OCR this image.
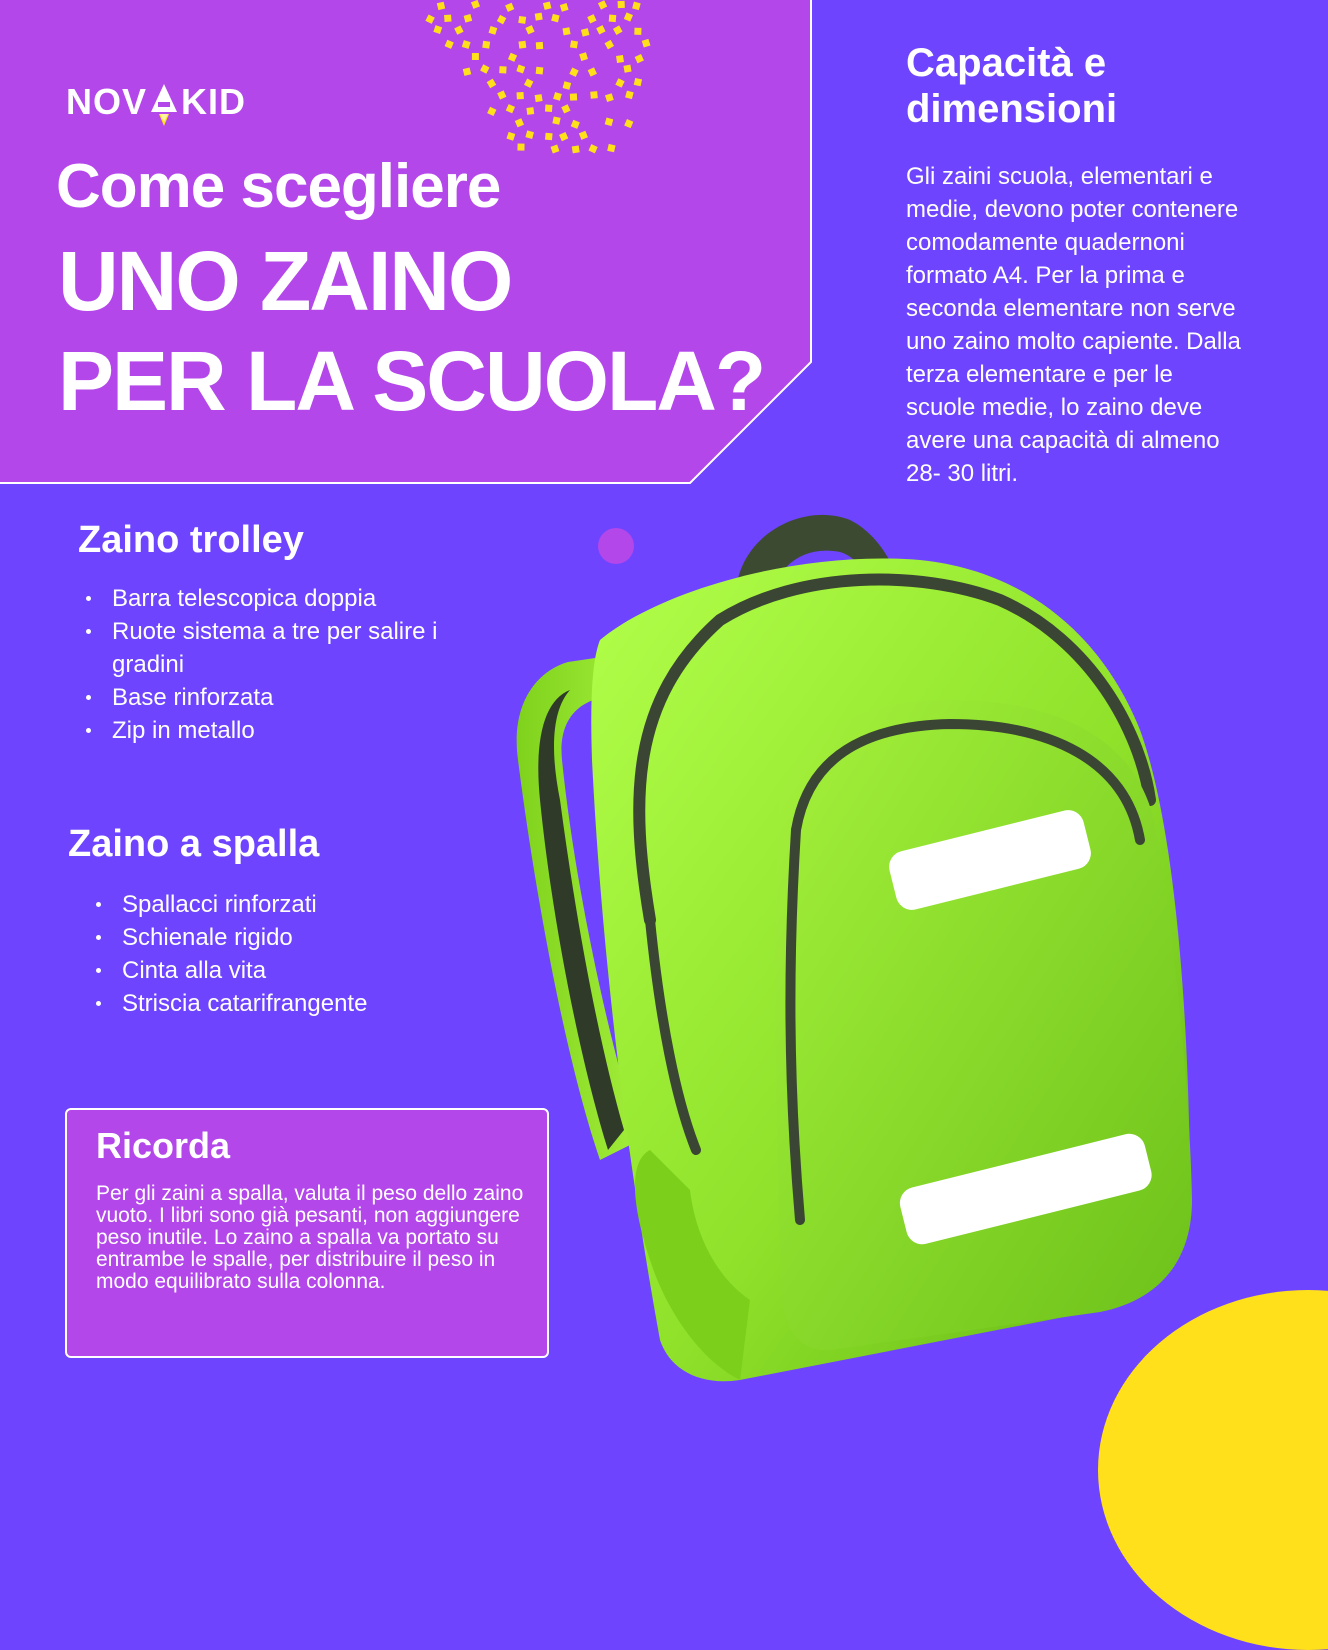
NOV KID
Come scegliere
UNO ZAINO
PER LA SCUOLA?
Capacità e dimensioni
Gli zaini scuola, elementari e medie, devono poter contenere comodamente quadernoni formato A4. Per la prima e seconda elementare non serve uno zaino molto capiente. Dalla terza elementare e per le scuole medie, lo zaino deve avere una capacità di almeno 28- 30 litri.
Zaino trolley
Barra telescopica doppia
Ruote sistema a tre per salire i gradini
Base rinforzata
Zip in metallo
Zaino a spalla
Spallacci rinforzati
Schienale rigido
Cinta alla vita
Striscia catarifrangente
Ricorda
Per gli zaini a spalla, valuta il peso dello zaino vuoto. I libri sono già pesanti, non aggiungere peso inutile. Lo zaino a spalla va portato su entrambe le spalle, per distribuire il peso in modo equilibrato sulla colonna.
